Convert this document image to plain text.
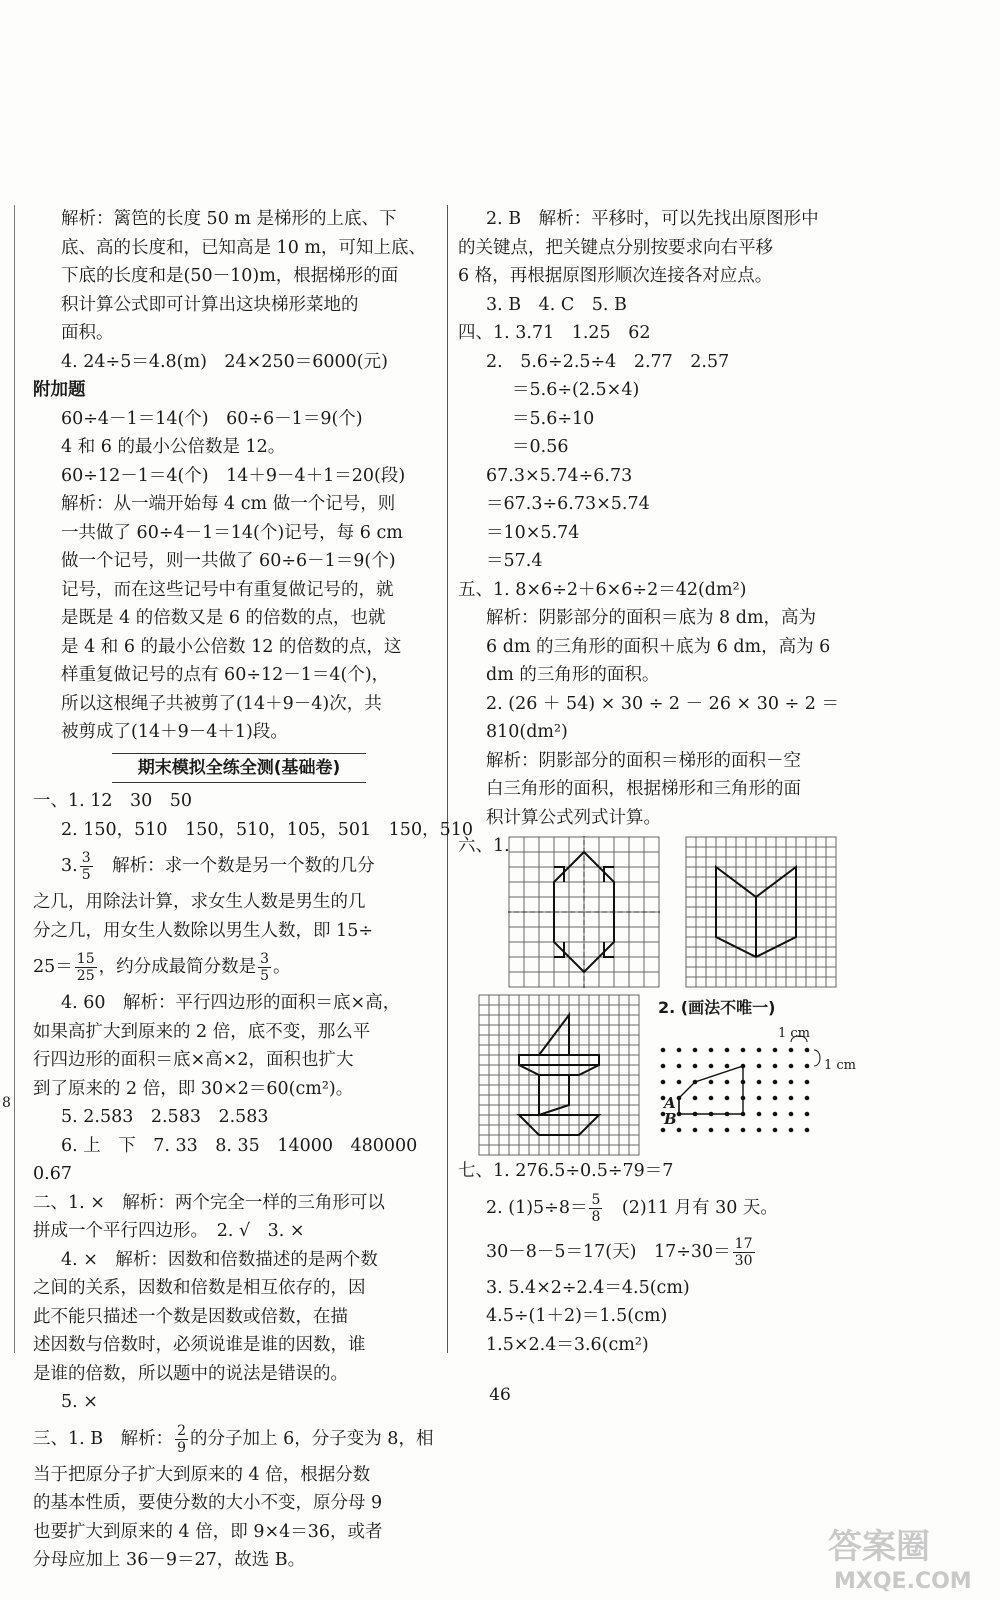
8
解析：篱笆的长度 50 m 是梯形的上底、下
底、高的长度和，已知高是 10 m，可知上底、
下底的长度和是(50－10)m，根据梯形的面
积计算公式即可计算出这块梯形菜地的
面积。
4. 24÷5＝4.8(m)　24×250＝6000(元)
附加题
60÷4－1＝14(个)　60÷6－1＝9(个)
4 和 6 的最小公倍数是 12。
60÷12－1＝4(个)　14＋9－4＋1＝20(段)
解析：从一端开始每 4 cm 做一个记号，则
一共做了 60÷4－1＝14(个)记号，每 6 cm
做一个记号，则一共做了 60÷6－1＝9(个)
记号，而在这些记号中有重复做记号的，就
是既是 4 的倍数又是 6 的倍数的点，也就
是 4 和 6 的最小公倍数 12 的倍数的点，这
样重复做记号的点有 60÷12－1＝4(个)，
所以这根绳子共被剪了(14＋9－4)次，共
被剪成了(14＋9－4＋1)段。
期末模拟全练全测(基础卷)
一、1. 12　30　50
2. 150，510　150，510，105，501　150，510
3. $\frac{3}{5}$ 　解析：求一个数是另一个数的几分
之几，用除法计算，求女生人数是男生的几
分之几，用女生人数除以男生人数，即 15÷
$25= \frac{15}{25}$ ，约分成最简分数是 $\frac{3}{5}$ 。
4. 60　解析：平行四边形的面积＝底×高，
如果高扩大到原来的 2 倍，底不变，那么平
行四边形的面积＝底×高×2，面积也扩大
到了原来的 2 倍，即 30×2＝60(cm²)。
5. 2.583　2.583　2.583
6. 上　下　7. 33　8. 35　14000　480000
0.67
二、1. ×　解析：两个完全一样的三角形可以
拼成一个平行四边形。　2. √　3. ×
4. ×　解析：因数和倍数描述的是两个数
之间的关系，因数和倍数是相互依存的，因
此不能只描述一个数是因数或倍数，在描
述因数与倍数时，必须说谁是谁的因数，谁
是谁的倍数，所以题中的说法是错误的。
5. ×
三、1. B　解析： $\frac{2}{9}$ 的分子加上 6，分子变为 8，相
当于把原分子扩大到原来的 4 倍，根据分数
的基本性质，要使分数的大小不变，原分母 9
也要扩大到原来的 4 倍，即 9×4＝36，或者
分母应加上 36－9＝27，故选 B。
2. B　解析：平移时，可以先找出原图形中
的关键点，把关键点分别按要求向右平移
6 格，再根据原图形顺次连接各对应点。
3. B　4. C　5. B
四、1. 3.71　1.25　62
2.　5.6÷2.5÷4　2.77　2.57
＝5.6÷(2.5×4)
＝5.6÷10
＝0.56
67.3×5.74÷6.73
＝67.3÷6.73×5.74
＝10×5.74
＝57.4
五、1. 8×6÷2＋6×6÷2＝42(dm²)
解析：阴影部分的面积＝底为 8 dm，高为
6 dm 的三角形的面积＋底为 6 dm，高为 6
dm 的三角形的面积。
2. (26 ＋ 54) × 30 ÷ 2 － 26 × 30 ÷ 2 ＝
810(dm²)
解析：阴影部分的面积＝梯形的面积－空
白三角形的面积，根据梯形和三角形的面
积计算公式列式计算。
六、1.
2. (画法不唯一)
1 cm
1 cm
A
B
七、1. 276.5÷0.5÷79＝7
2. $(1)5\div 8= \frac{5}{8}$ 　(2)11 月有 30 天。
30－8－5＝17(天)　$17\div 30= \frac{17}{30}$
3. 5.4×2÷2.4＝4.5(cm)
4.5÷(1＋2)＝1.5(cm)
1.5×2.4＝3.6(cm²)
46
答案圈
MXQE.COM
